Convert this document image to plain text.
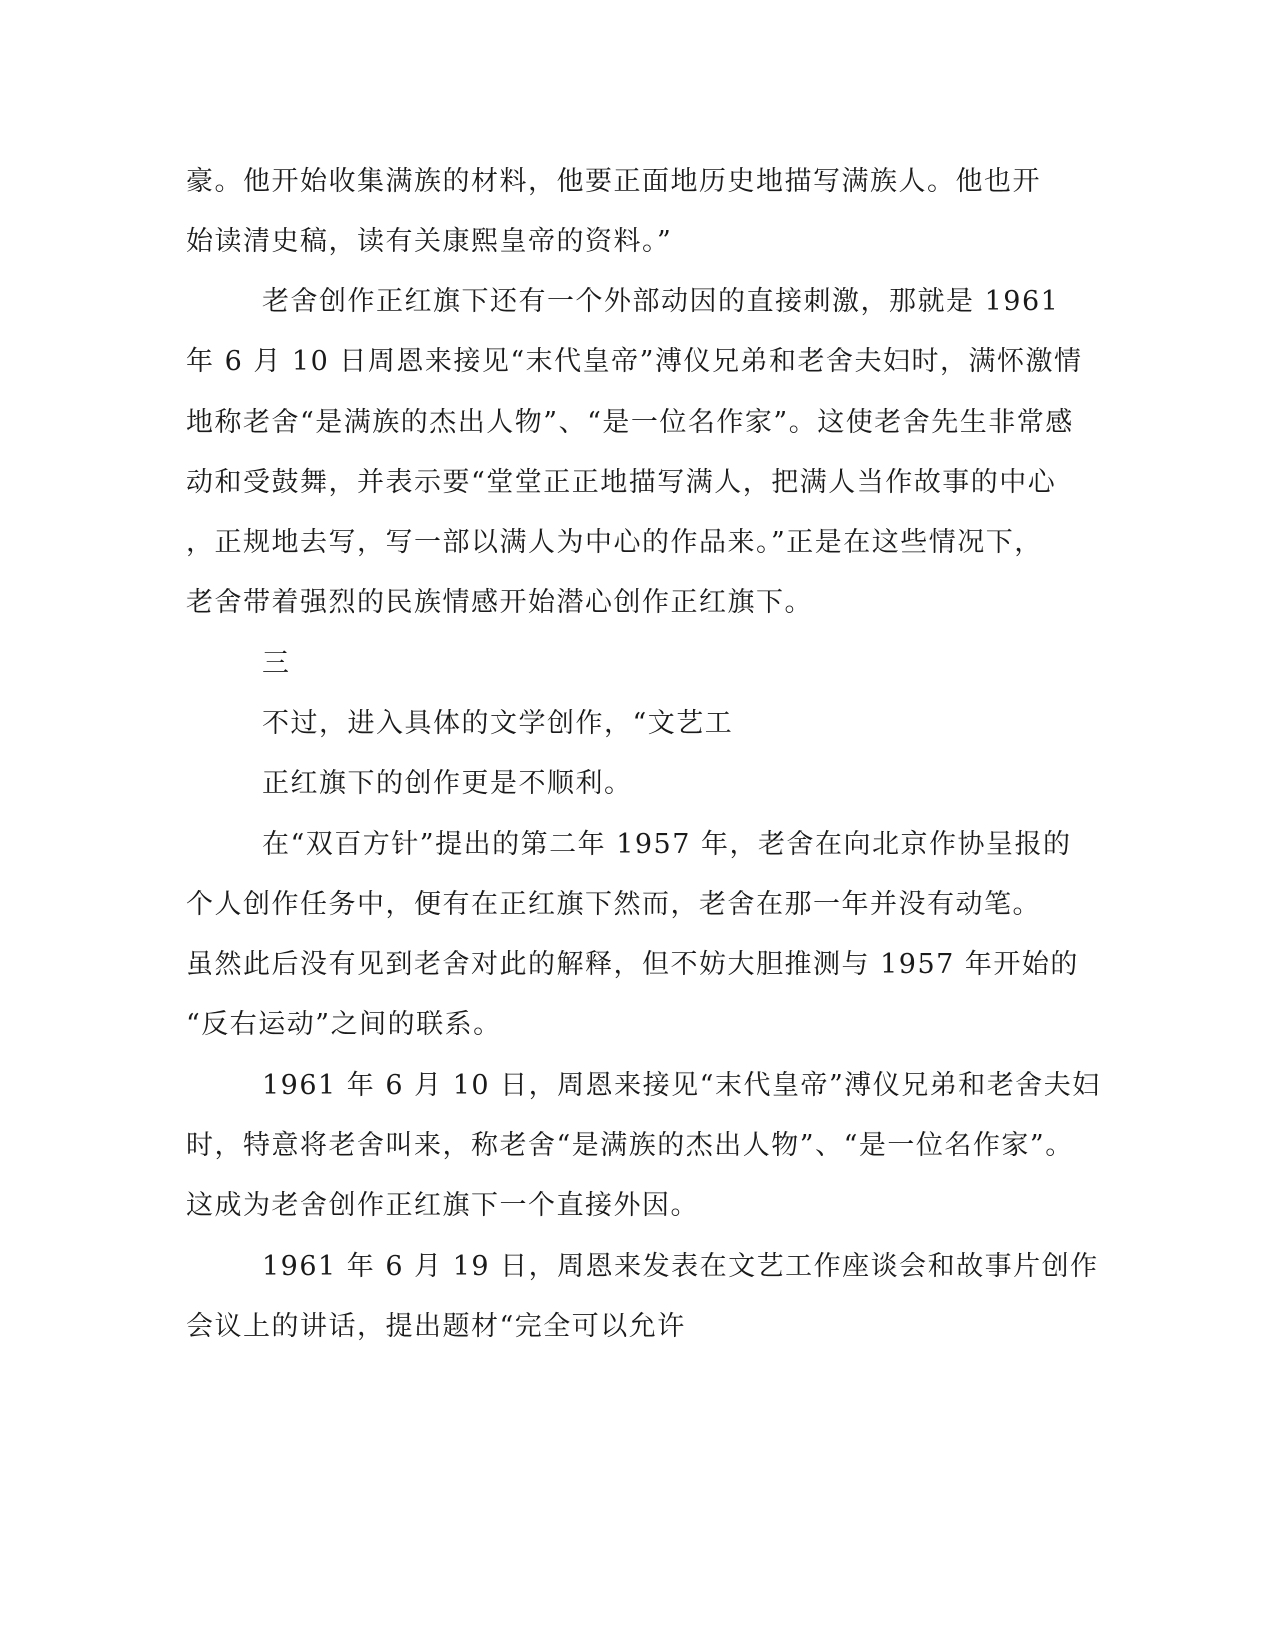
豪。他开始收集满族的材料，他要正面地历史地描写满族人。他也开
始读清史稿，读有关康熙皇帝的资料。”
老舍创作正红旗下还有一个外部动因的直接刺激，那就是 1961
年 6 月 10 日周恩来接见“末代皇帝”溥仪兄弟和老舍夫妇时，满怀激情
地称老舍“是满族的杰出人物”、“是一位名作家”。这使老舍先生非常感
动和受鼓舞，并表示要“堂堂正正地描写满人，把满人当作故事的中心
，正规地去写，写一部以满人为中心的作品来。”正是在这些情况下，
老舍带着强烈的民族情感开始潜心创作正红旗下。
三
不过，进入具体的文学创作，“文艺工
正红旗下的创作更是不顺利。
在“双百方针”提出的第二年 1957 年，老舍在向北京作协呈报的
个人创作任务中，便有在正红旗下然而，老舍在那一年并没有动笔。
虽然此后没有见到老舍对此的解释，但不妨大胆推测与 1957 年开始的
“反右运动”之间的联系。
1961 年 6 月 10 日，周恩来接见“末代皇帝”溥仪兄弟和老舍夫妇
时，特意将老舍叫来，称老舍“是满族的杰出人物”、“是一位名作家”。
这成为老舍创作正红旗下一个直接外因。
1961 年 6 月 19 日，周恩来发表在文艺工作座谈会和故事片创作
会议上的讲话，提出题材“完全可以允许
